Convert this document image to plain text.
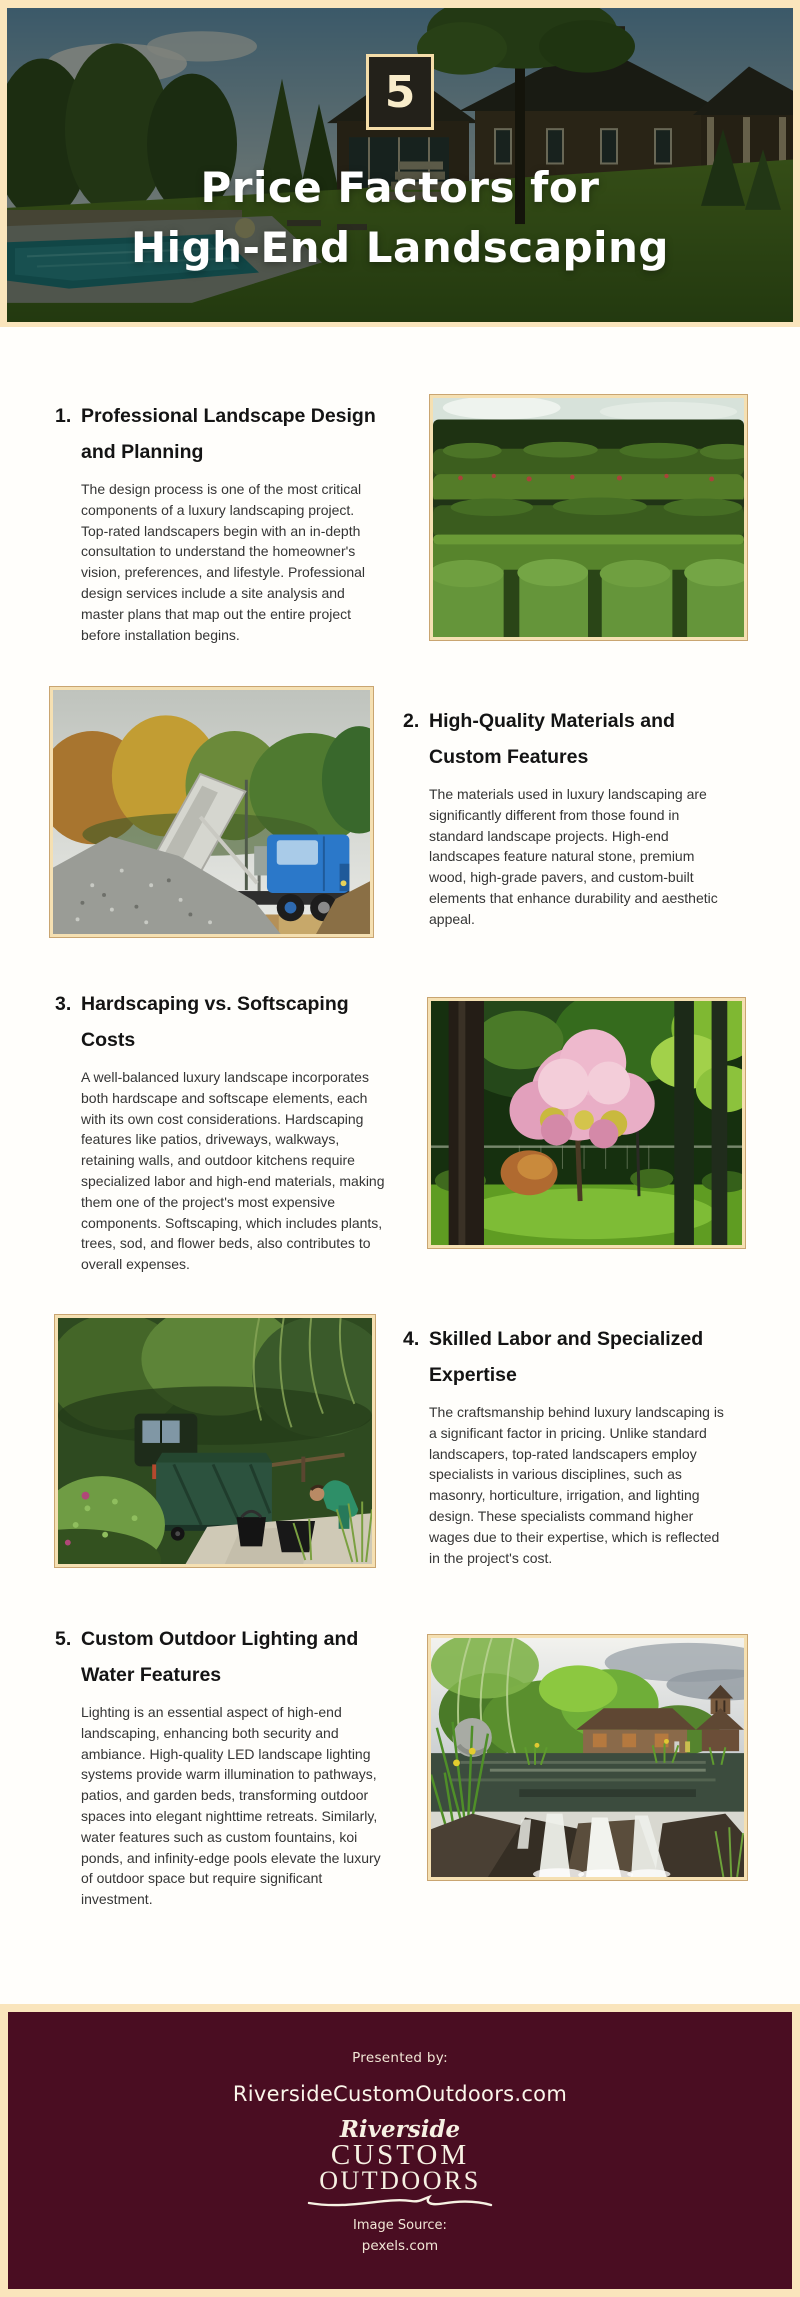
5
Price Factors for
High-End Landscaping
1. Professional Landscape Design
and Planning
The design process is one of the most critical components of a luxury landscaping project. Top-rated landscapers begin with an in-depth consultation to understand the homeowner's vision, preferences, and lifestyle. Professional design services include a site analysis and master plans that map out the entire project before installation begins.
2. High-Quality Materials and
Custom Features
The materials used in luxury landscaping are significantly different from those found in standard landscape projects. High-end landscapes feature natural stone, premium wood, high-grade pavers, and custom-built elements that enhance durability and aesthetic appeal.
3. Hardscaping vs. Softscaping
Costs
A well-balanced luxury landscape incorporates both hardscape and softscape elements, each with its own cost considerations. Hardscaping features like patios, driveways, walkways, retaining walls, and outdoor kitchens require specialized labor and high-end materials, making them one of the project's most expensive components. Softscaping, which includes plants, trees, sod, and flower beds, also contributes to overall expenses.
4. Skilled Labor and Specialized
Expertise
The craftsmanship behind luxury landscaping is a significant factor in pricing. Unlike standard landscapers, top-rated landscapers employ specialists in various disciplines, such as masonry, horticulture, irrigation, and lighting design. These specialists command higher wages due to their expertise, which is reflected in the project's cost.
5. Custom Outdoor Lighting and
Water Features
Lighting is an essential aspect of high-end landscaping, enhancing both security and ambiance. High-quality LED landscape lighting systems provide warm illumination to pathways, patios, and garden beds, transforming outdoor spaces into elegant nighttime retreats. Similarly, water features such as custom fountains, koi ponds, and infinity-edge pools elevate the luxury of outdoor space but require significant investment.
Presented by:
RiversideCustomOutdoors.com
Riverside
CUSTOM
OUTDOORS
Image Source:
pexels.com
